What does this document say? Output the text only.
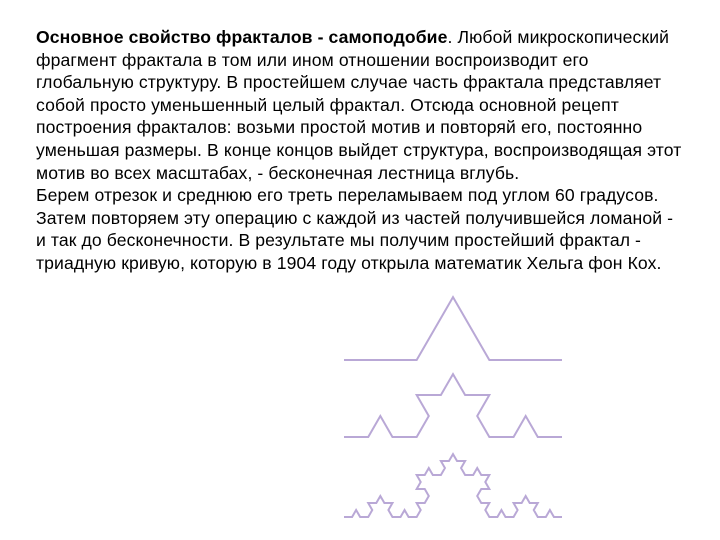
Основное свойство фракталов - самоподобие. Любой микроскопический фрагмент фрактала в том или ином отношении воспроизводит его глобальную структуру. В простейшем случае часть фрактала представляет собой просто уменьшенный целый фрактал. Отсюда основной рецепт построения фракталов: возьми простой мотив и повторяй его, постоянно уменьшая размеры. В конце концов выйдет структура, воспроизводящая этот мотив во всех масштабах, - бесконечная лестница вглубь.

Берем отрезок и среднюю его треть переламываем под углом 60 градусов. Затем повторяем эту операцию с каждой из частей получившейся ломаной - и так до бесконечности. В результате мы получим простейший фрактал - триадную кривую, которую в 1904 году открыла математик Хельга фон Кох.
